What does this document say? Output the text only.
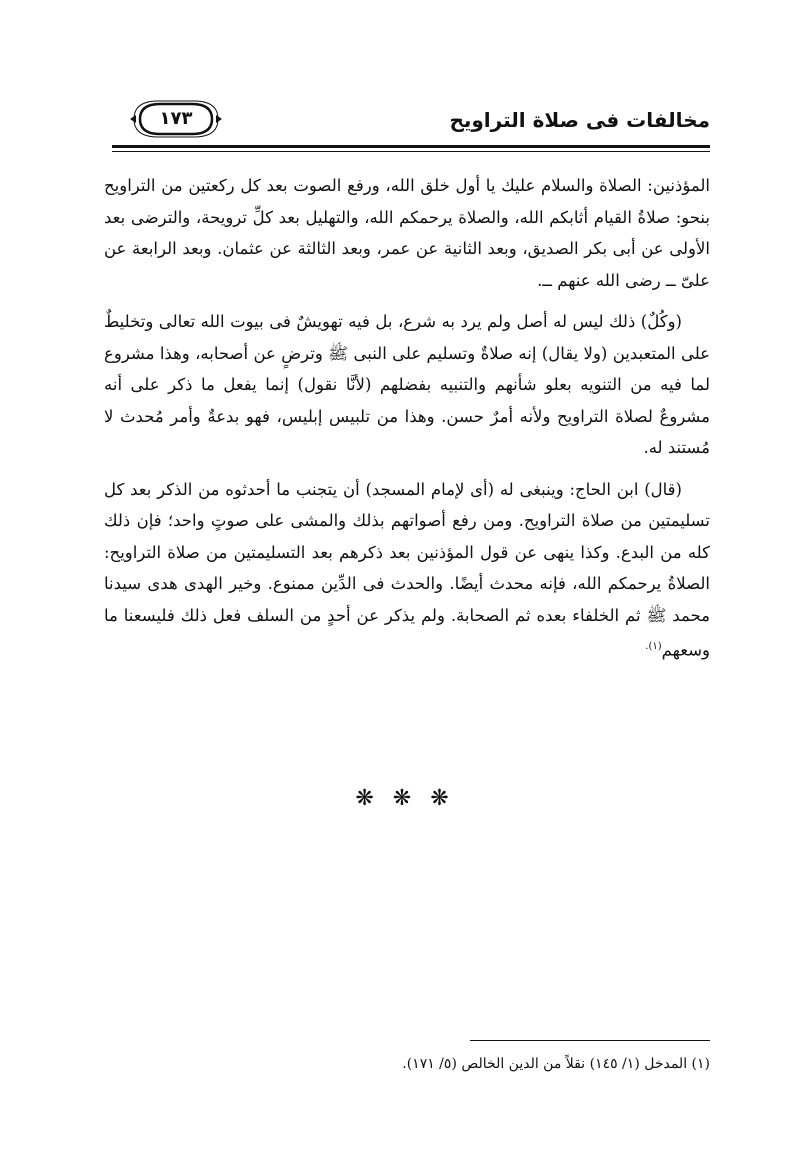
١٧٣	مخالفات فى صلاة التراويح

المؤذنين: الصلاة والسلام عليك يا أول خلق الله، ورفع الصوت بعد كل ركعتين من التراويح بنحو: صلاةُ القيام أثابكم الله، والصلاة يرحمكم الله، والتهليل بعد كلِّ ترويحة، والترضى بعد الأولى عن أبى بكر الصديق، وبعد الثانية عن عمر، وبعد الثالثة عن عثمان. وبعد الرابعة عن علىّ ــ رضى الله عنهم ــ.

(وكُلٌ) ذلك ليس له أصل ولم يرد به شرع، بل فيه تهويشٌ فى بيوت الله تعالى وتخليطٌ على المتعبدين (ولا يقال) إنه صلاةٌ وتسليم على النبى ﷺ وترضٍ عن أصحابه، وهذا مشروع لما فيه من التنويه بعلو شأنهم والتنبيه بفضلهم (لأنَّا نقول) إنما يفعل ما ذكر على أنه مشروعٌ لصلاة التراويح ولأنه أمرٌ حسن. وهذا من تلبيس إبليس، فهو بدعةٌ وأمر مُحدث لا مُستند له.

(قال) ابن الحاج: وينبغى له (أى لإمام المسجد) أن يتجنب ما أحدثوه من الذكر بعد كل تسليمتين من صلاة التراويح. ومن رفع أصواتهم بذلك والمشى على صوتٍ واحد؛ فإن ذلك كله من البدع. وكذا ينهى عن قول المؤذنين بعد ذكرهم بعد التسليمتين من صلاة التراويح: الصلاةُ يرحمكم الله، فإنه محدث أيضًا. والحدث فى الدِّين ممنوع. وخير الهدى هدى سيدنا محمد ﷺ ثم الخلفاء بعده ثم الصحابة. ولم يذكر عن أحدٍ من السلف فعل ذلك فليسعنا ما وسعهم$^{(١).}$

❋ ❋ ❋
(١) المدخل (١/ ١٤٥) نقلاً من الدين الخالص (٥/ ١٧١).
